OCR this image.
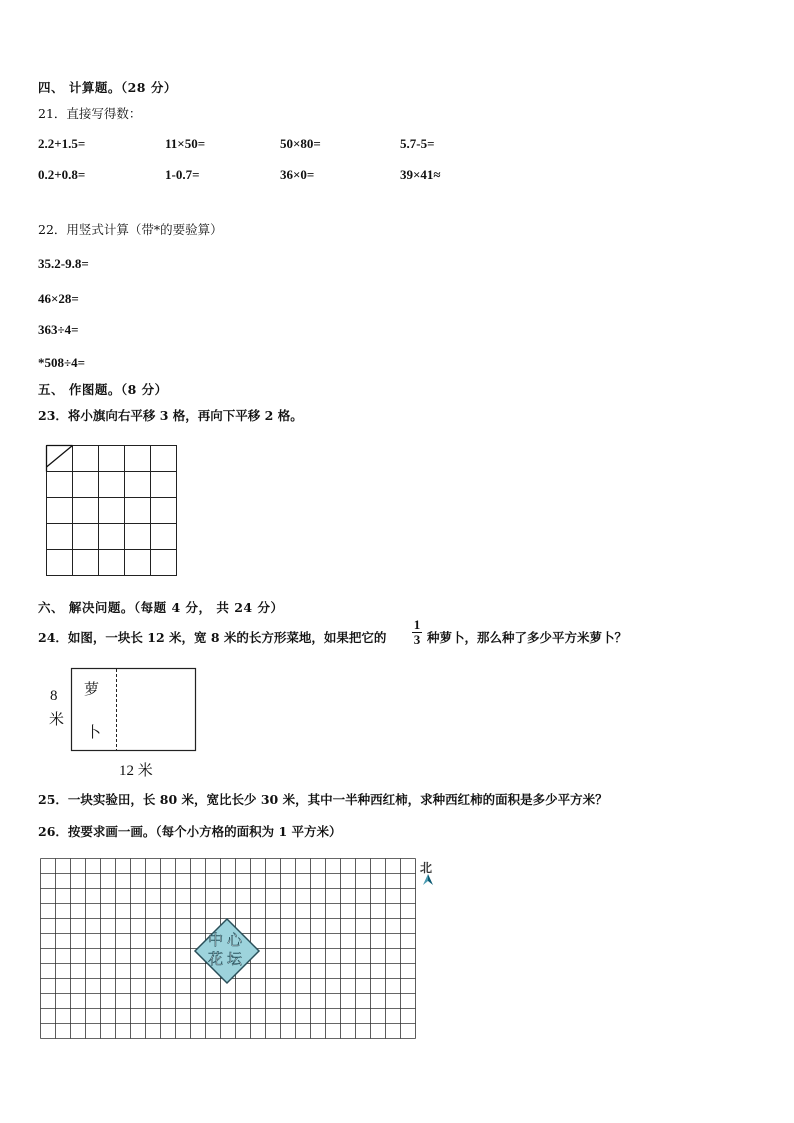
四、 计算题。（28 分）
21．直接写得数：
2.2+1.5=	11×50=	50×80=	5.7-5=
0.2+0.8=	1-0.7=	36×0=	39×41≈
22．用竖式计算（带*的要验算）
35.2-9.8=
46×28=
363÷4=
*508÷4=
五、 作图题。（8 分）
23．将小旗向右平移 3 格，再向下平移 2 格。
六、 解决问题。（每题 4 分， 共 24 分）
24．如图，一块长 12 米，宽 8 米的长方形菜地，如果把它的
1
3 种萝卜，那么种了多少平方米萝卜？
萝
卜
8
米
12 米
25．一块实验田，长 80 米，宽比长少 30 米，其中一半种西红柿，求种西红柿的面积是多少平方米？
26．按要求画一画。（每个小方格的面积为 1 平方米）
北
中 心
花 坛
